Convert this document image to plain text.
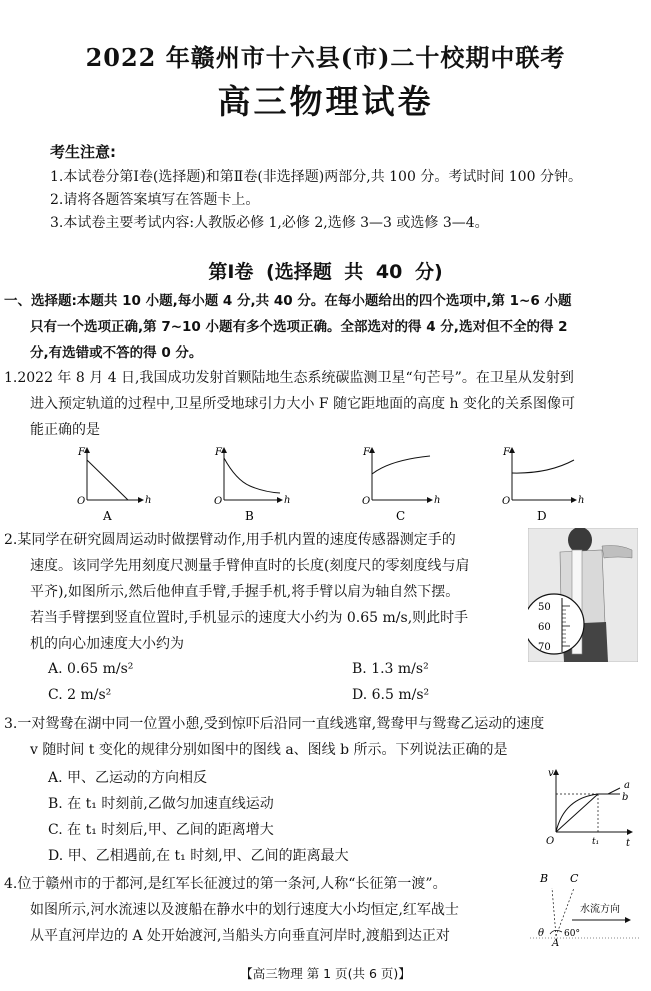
2022 年赣州市十六县(市)二十校期中联考
高三物理试卷
考生注意:
1.本试卷分第Ⅰ卷(选择题)和第Ⅱ卷(非选择题)两部分,共 100 分。考试时间 100 分钟。
2.请将各题答案填写在答题卡上。
3.本试卷主要考试内容:人教版必修 1,必修 2,选修 3—3 或选修 3—4。
第Ⅰ卷 (选择题 共 40 分)
一、选择题:本题共 10 小题,每小题 4 分,共 40 分。在每小题给出的四个选项中,第 1~6 小题
只有一个选项正确,第 7~10 小题有多个选项正确。全部选对的得 4 分,选对但不全的得 2
分,有选错或不答的得 0 分。
1.2022 年 8 月 4 日,我国成功发射首颗陆地生态系统碳监测卫星“句芒号”。在卫星从发射到
进入预定轨道的过程中,卫星所受地球引力大小 F 随它距地面的高度 h 变化的关系图像可
能正确的是
F
h
O
A
F
h
O
B
F
h
O
C
F
h
O
D
2.某同学在研究圆周运动时做摆臂动作,用手机内置的速度传感器测定手的
速度。该同学先用刻度尺测量手臂伸直时的长度(刻度尺的零刻度线与肩
平齐),如图所示,然后他伸直手臂,手握手机,将手臂以肩为轴自然下摆。
若当手臂摆到竖直位置时,手机显示的速度大小约为 0.65 m/s,则此时手
机的向心加速度大小约为
A. 0.65 m/s²	B. 1.3 m/s²
C. 2 m/s²	D. 6.5 m/s²
50
60
70
3.一对鸳鸯在湖中同一位置小憩,受到惊吓后沿同一直线逃窜,鸳鸯甲与鸳鸯乙运动的速度
v 随时间 t 变化的规律分别如图中的图线 a、图线 b 所示。下列说法正确的是
A. 甲、乙运动的方向相反
B. 在 t₁ 时刻前,乙做匀加速直线运动
C. 在 t₁ 时刻后,甲、乙间的距离增大
D. 甲、乙相遇前,在 t₁ 时刻,甲、乙间的距离最大
v
t
O	t₁
a
b
4.位于赣州市的于都河,是红军长征渡过的第一条河,人称“长征第一渡”。
如图所示,河水流速以及渡船在静水中的划行速度大小均恒定,红军战士
从平直河岸边的 A 处开始渡河,当船头方向垂直河岸时,渡船到达正对
B C
A
θ 60°
水流方向
【高三物理 第 1 页(共 6 页)】
